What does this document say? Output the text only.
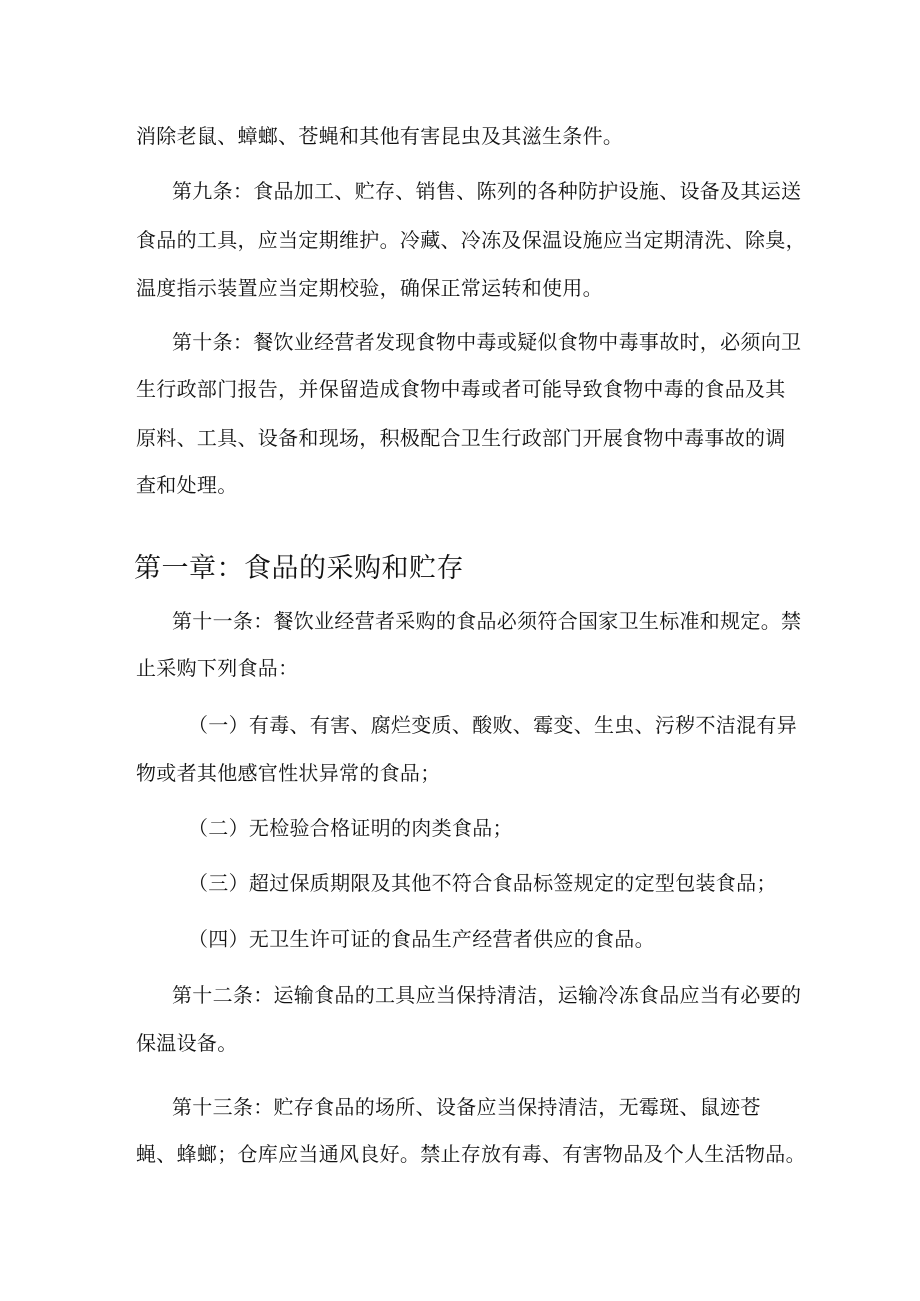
消除老鼠、蟑螂、苍蝇和其他有害昆虫及其滋生条件。
第九条：食品加工、贮存、销售、陈列的各种防护设施、设备及其运送
食品的工具，应当定期维护。冷藏、冷冻及保温设施应当定期清洗、除臭，
温度指示装置应当定期校验，确保正常运转和使用。
第十条：餐饮业经营者发现食物中毒或疑似食物中毒事故时，必须向卫
生行政部门报告，并保留造成食物中毒或者可能导致食物中毒的食品及其
原料、工具、设备和现场，积极配合卫生行政部门开展食物中毒事故的调
查和处理。
第一章：食品的采购和贮存
第十一条：餐饮业经营者采购的食品必须符合国家卫生标准和规定。禁
止采购下列食品：
（一）有毒、有害、腐烂变质、酸败、霉变、生虫、污秽不洁混有异
物或者其他感官性状异常的食品；
（二）无检验合格证明的肉类食品；
（三）超过保质期限及其他不符合食品标签规定的定型包装食品；
（四）无卫生许可证的食品生产经营者供应的食品。
第十二条：运输食品的工具应当保持清洁，运输冷冻食品应当有必要的
保温设备。
第十三条：贮存食品的场所、设备应当保持清洁，无霉斑、鼠迹苍
蝇、蜂螂；仓库应当通风良好。禁止存放有毒、有害物品及个人生活物品。
